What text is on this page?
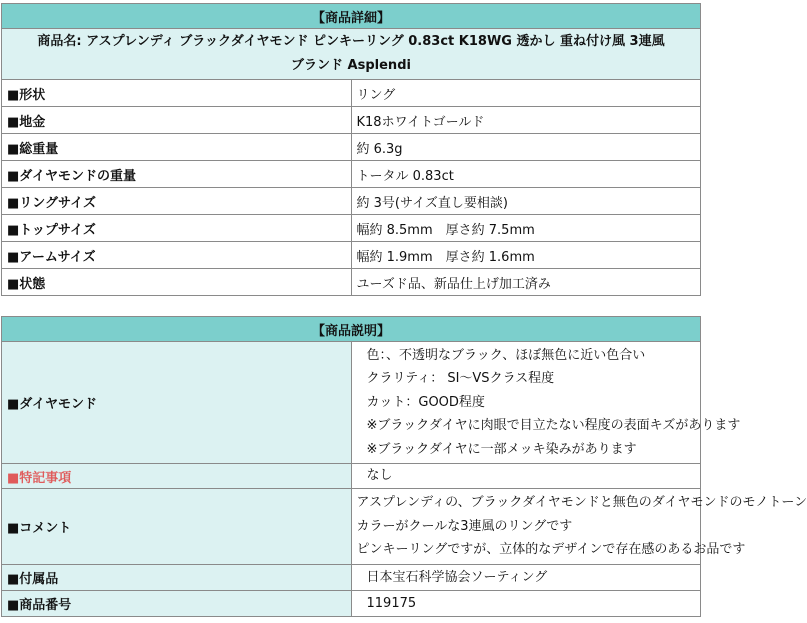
【商品詳細】	

商品名: アスプレンディ ブラックダイヤモンド ピンキーリング 0.83ct K18WG 透かし 重ね付け風 3連風
ブランド Asplendi	

■形状	リング
■地金	K18ホワイトゴールド
■総重量	約 6.3g
■ダイヤモンドの重量	トータル 0.83ct
■リングサイズ	約 3号(サイズ直し要相談)
■トップサイズ	幅約 8.5mm　厚さ約 7.5mm
■アームサイズ	幅約 1.9mm　厚さ約 1.6mm
■状態	ユーズド品、新品仕上げ加工済み
【商品説明】	
■ダイヤモンド	色：、不透明なブラック、ほぼ無色に近い色合い
クラリティ： SI～VSクラス程度
カット：GOOD程度
※ブラックダイヤに肉眼で目立たない程度の表面キズがあります
※ブラックダイヤに一部メッキ染みがあります

■特記事項	なし

■コメント	アスプレンディの、ブラックダイヤモンドと無色のダイヤモンドのモノトーン
カラーがクールな3連風のリングです
ピンキーリングですが、立体的なデザインで存在感のあるお品です

■付属品	日本宝石科学協会ソーティング

■商品番号	119175
